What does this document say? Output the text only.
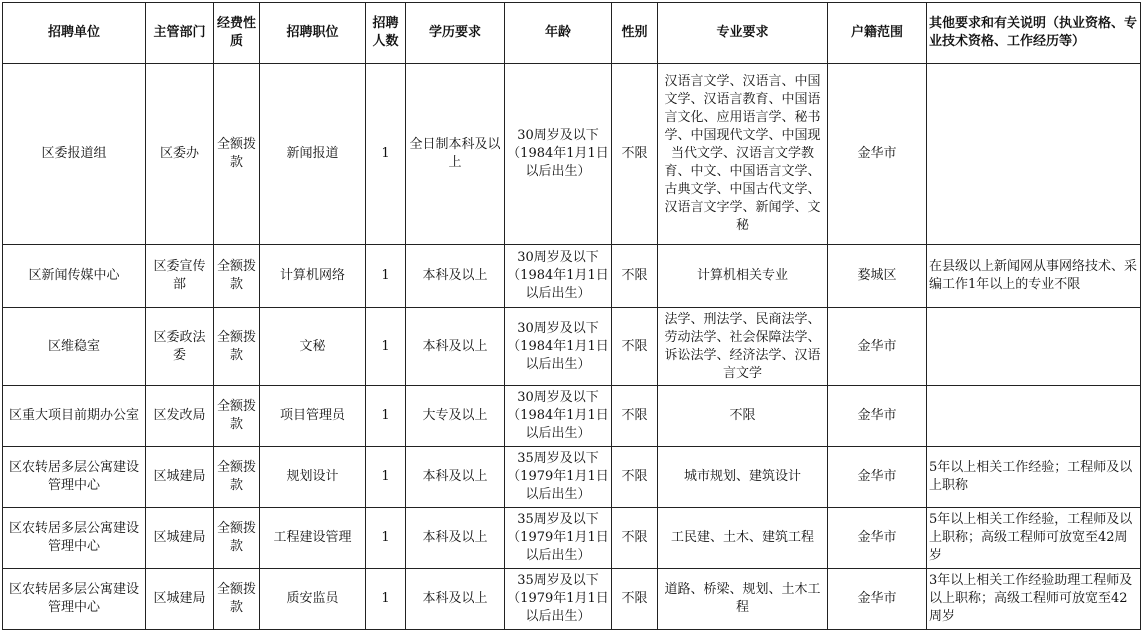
招聘单位	主管部门	经费性质	招聘职位	招聘人数	学历要求	年龄	性别	专业要求	户籍范围	其他要求和有关说明（执业资格、专业技术资格、工作经历等）
区委报道组	区委办	全额拨款	新闻报道	1	全日制本科及以上	30周岁及以下（1984年1月1日以后出生）	不限	汉语言文学、汉语言、中国文学、汉语言教育、中国语言文化、应用语言学、秘书学、中国现代文学、中国现当代文学、汉语言文学教育、中文、中国语言文学、古典文学、中国古代文学、汉语言文字学、新闻学、文秘	金华市	
区新闻传媒中心	区委宣传部	全额拨款	计算机网络	1	本科及以上	30周岁及以下（1984年1月1日以后出生）	不限	计算机相关专业	婺城区	在县级以上新闻网从事网络技术、采编工作1年以上的专业不限
区维稳室	区委政法委	全额拨款	文秘	1	本科及以上	30周岁及以下（1984年1月1日以后出生）	不限	法学、刑法学、民商法学、劳动法学、社会保障法学、诉讼法学、经济法学、汉语言文学	金华市	
区重大项目前期办公室	区发改局	全额拨款	项目管理员	1	大专及以上	30周岁及以下（1984年1月1日以后出生）	不限	不限	金华市	
区农转居多层公寓建设管理中心	区城建局	全额拨款	规划设计	1	本科及以上	35周岁及以下（1979年1月1日以后出生）	不限	城市规划、建筑设计	金华市	5年以上相关工作经验；工程师及以上职称
区农转居多层公寓建设管理中心	区城建局	全额拨款	工程建设管理	1	本科及以上	35周岁及以下（1979年1月1日以后出生）	不限	工民建、土木、建筑工程	金华市	5年以上相关工作经验，工程师及以上职称；高级工程师可放宽至42周岁
区农转居多层公寓建设管理中心	区城建局	全额拨款	质安监员	1	本科及以上	35周岁及以下（1979年1月1日以后出生）	不限	道路、桥梁、规划、土木工程	金华市	3年以上相关工作经验助理工程师及以上职称；高级工程师可放宽至42周岁
